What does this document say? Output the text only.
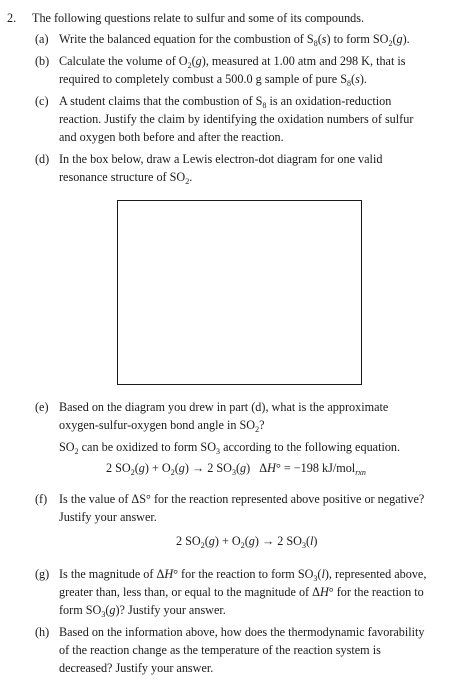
2. The following questions relate to sulfur and some of its compounds.
(a) Write the balanced equation for the combustion of $S_8(s)$ to form $SO_2(g)$.
(b) Calculate the volume of $O_2(g)$, measured at 1.00 atm and 298 K, that is
required to completely combust a 500.0 g sample of pure $S_8(s)$.
(c) A student claims that the combustion of $S_8$ is an oxidation-reduction
reaction. Justify the claim by identifying the oxidation numbers of sulfur
and oxygen both before and after the reaction.
(d) In the box below, draw a Lewis electron-dot diagram for one valid
resonance structure of $SO_2$.
(e) Based on the diagram you drew in part (d), what is the approximate
oxygen-sulfur-oxygen bond angle in $SO_2$?
$SO_2$ can be oxidized to form $SO_3$ according to the following equation.
2 $SO_2(g) + O_2(g) \to 2$ $SO_3(g) \Delta H^\circ = -198$ kJ/mol$_{rxn}$
(f) Is the value of ΔS° for the reaction represented above positive or negative?
Justify your answer.
2 $SO_2(g) + O_2(g) \to 2$ $SO_3(l)$
(g) Is the magnitude of ΔH° for the reaction to form $SO_3(l)$, represented above,
greater than, less than, or equal to the magnitude of ΔH° for the reaction to
form $SO_3(g)$? Justify your answer.
(h) Based on the information above, how does the thermodynamic favorability
of the reaction change as the temperature of the reaction system is
decreased? Justify your answer.
